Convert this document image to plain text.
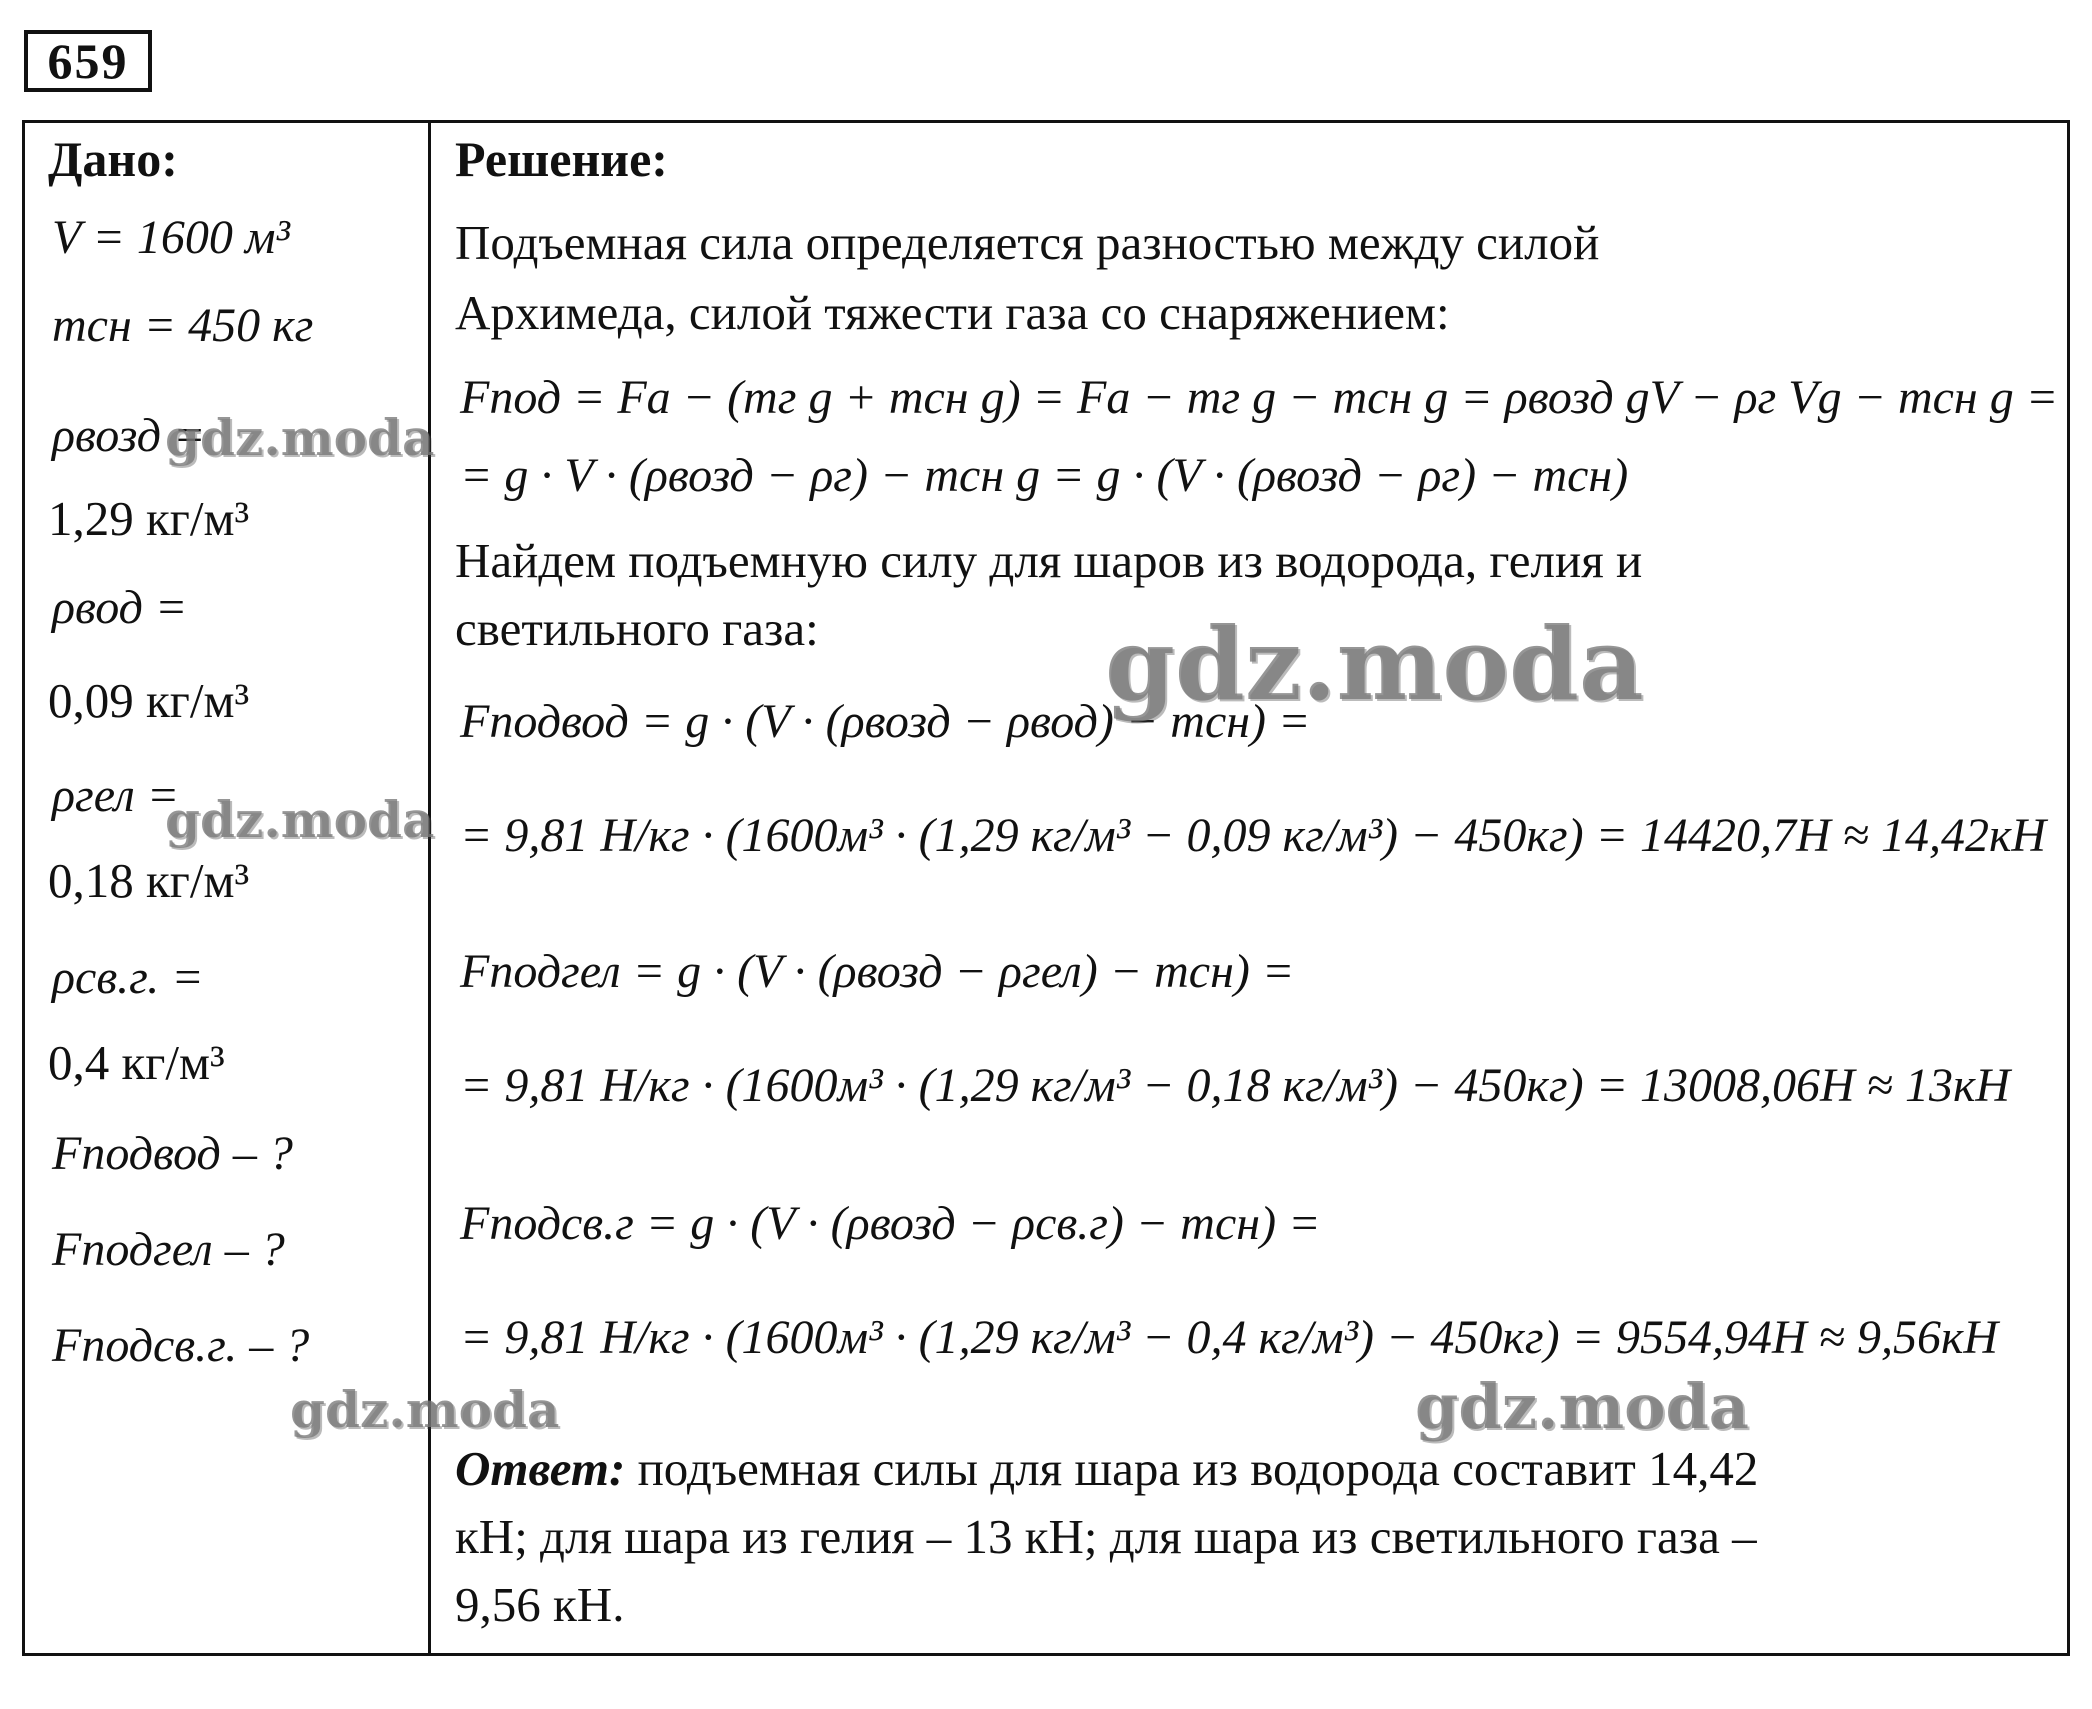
659
Дано:
V = 1600 м³
mсн = 450 кг
ρвозд =
1,29 кг/м³
ρвод =
0,09 кг/м³
ρгел =
0,18 кг/м³
ρсв.г. =
0,4 кг/м³
Fподвод – ?
Fподгел – ?
Fподсв.г. – ?
Решение:
Подъемная сила определяется разностью между силой
Архимеда, силой тяжести газа со снаряжением:
Fпод = Fа − (mг g + mсн g) = Fа − mг g − mсн g = ρвозд gV − ρг Vg − mсн g =
= g · V · (ρвозд − ρг) − mсн g = g · (V · (ρвозд − ρг) − mсн)
Найдем подъемную силу для шаров из водорода, гелия и
светильного газа:
Fподвод = g · (V · (ρвозд − ρвод) − mсн) =
= 9,81 Н/кг · (1600м³ · (1,29 кг/м³ − 0,09 кг/м³) − 450кг) = 14420,7Н ≈ 14,42кН
Fподгел = g · (V · (ρвозд − ρгел) − mсн) =
= 9,81 Н/кг · (1600м³ · (1,29 кг/м³ − 0,18 кг/м³) − 450кг) = 13008,06Н ≈ 13кН
Fподсв.г = g · (V · (ρвозд − ρсв.г) − mсн) =
= 9,81 Н/кг · (1600м³ · (1,29 кг/м³ − 0,4 кг/м³) − 450кг) = 9554,94Н ≈ 9,56кН
Ответ: подъемная силы для шара из водорода составит 14,42
кН; для шара из гелия – 13 кН; для шара из светильного газа –
9,56 кН.
gdz.moda
gdz.moda
gdz.moda
gdz.moda	gdz.moda
